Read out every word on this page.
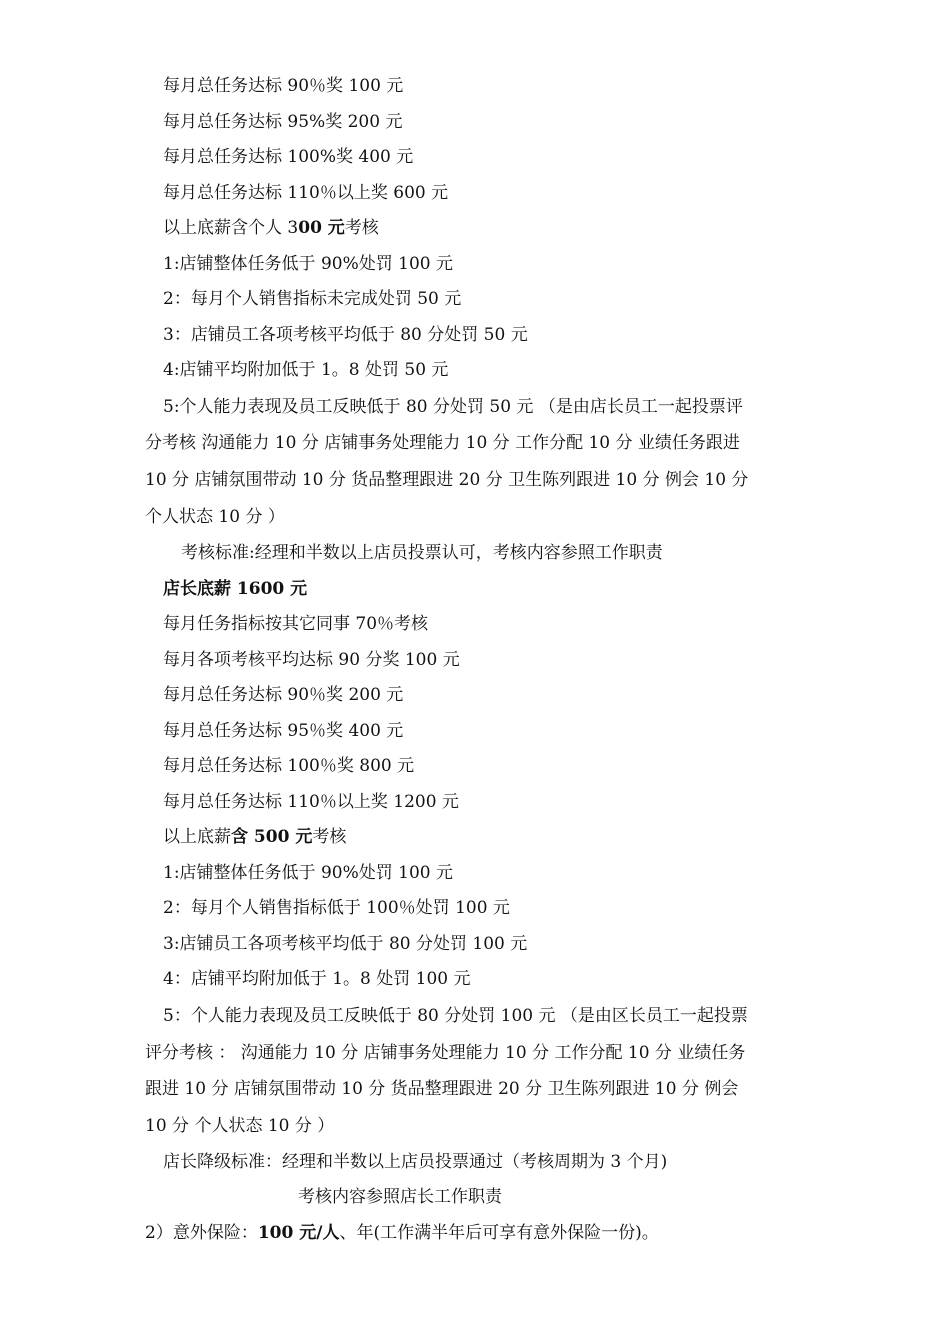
每月总任务达标 90％奖 100 元
每月总任务达标 95%奖 200 元
每月总任务达标 100%奖 400 元
每月总任务达标 110％以上奖 600 元
以上底薪含个人 300 元考核
1:店铺整体任务低于 90%处罚 100 元
2：每月个人销售指标未完成处罚 50 元
3：店铺员工各项考核平均低于 80 分处罚 50 元
4:店铺平均附加低于 1。8 处罚 50 元
5:个人能力表现及员工反映低于 80 分处罚 50 元 （是由店长员工一起投票评
分考核 沟通能力 10 分 店铺事务处理能力 10 分 工作分配 10 分 业绩任务跟进
10 分 店铺氛围带动 10 分 货品整理跟进 20 分 卫生陈列跟进 10 分 例会 10 分
个人状态 10 分 ）
考核标准:经理和半数以上店员投票认可，考核内容参照工作职责
店长底薪 1600 元
每月任务指标按其它同事 70％考核
每月各项考核平均达标 90 分奖 100 元
每月总任务达标 90％奖 200 元
每月总任务达标 95％奖 400 元
每月总任务达标 100％奖 800 元
每月总任务达标 110％以上奖 1200 元
以上底薪含 500 元考核
1:店铺整体任务低于 90%处罚 100 元
2：每月个人销售指标低于 100％处罚 100 元
3:店铺员工各项考核平均低于 80 分处罚 100 元
4：店铺平均附加低于 1。8 处罚 100 元
5：个人能力表现及员工反映低于 80 分处罚 100 元 （是由区长员工一起投票
评分考核 ： 沟通能力 10 分 店铺事务处理能力 10 分 工作分配 10 分 业绩任务
跟进 10 分 店铺氛围带动 10 分 货品整理跟进 20 分 卫生陈列跟进 10 分 例会
10 分 个人状态 10 分 ）
店长降级标准：经理和半数以上店员投票通过（考核周期为 3 个月)
考核内容参照店长工作职责
2）意外保险：100 元/人、年(工作满半年后可享有意外保险一份)。
